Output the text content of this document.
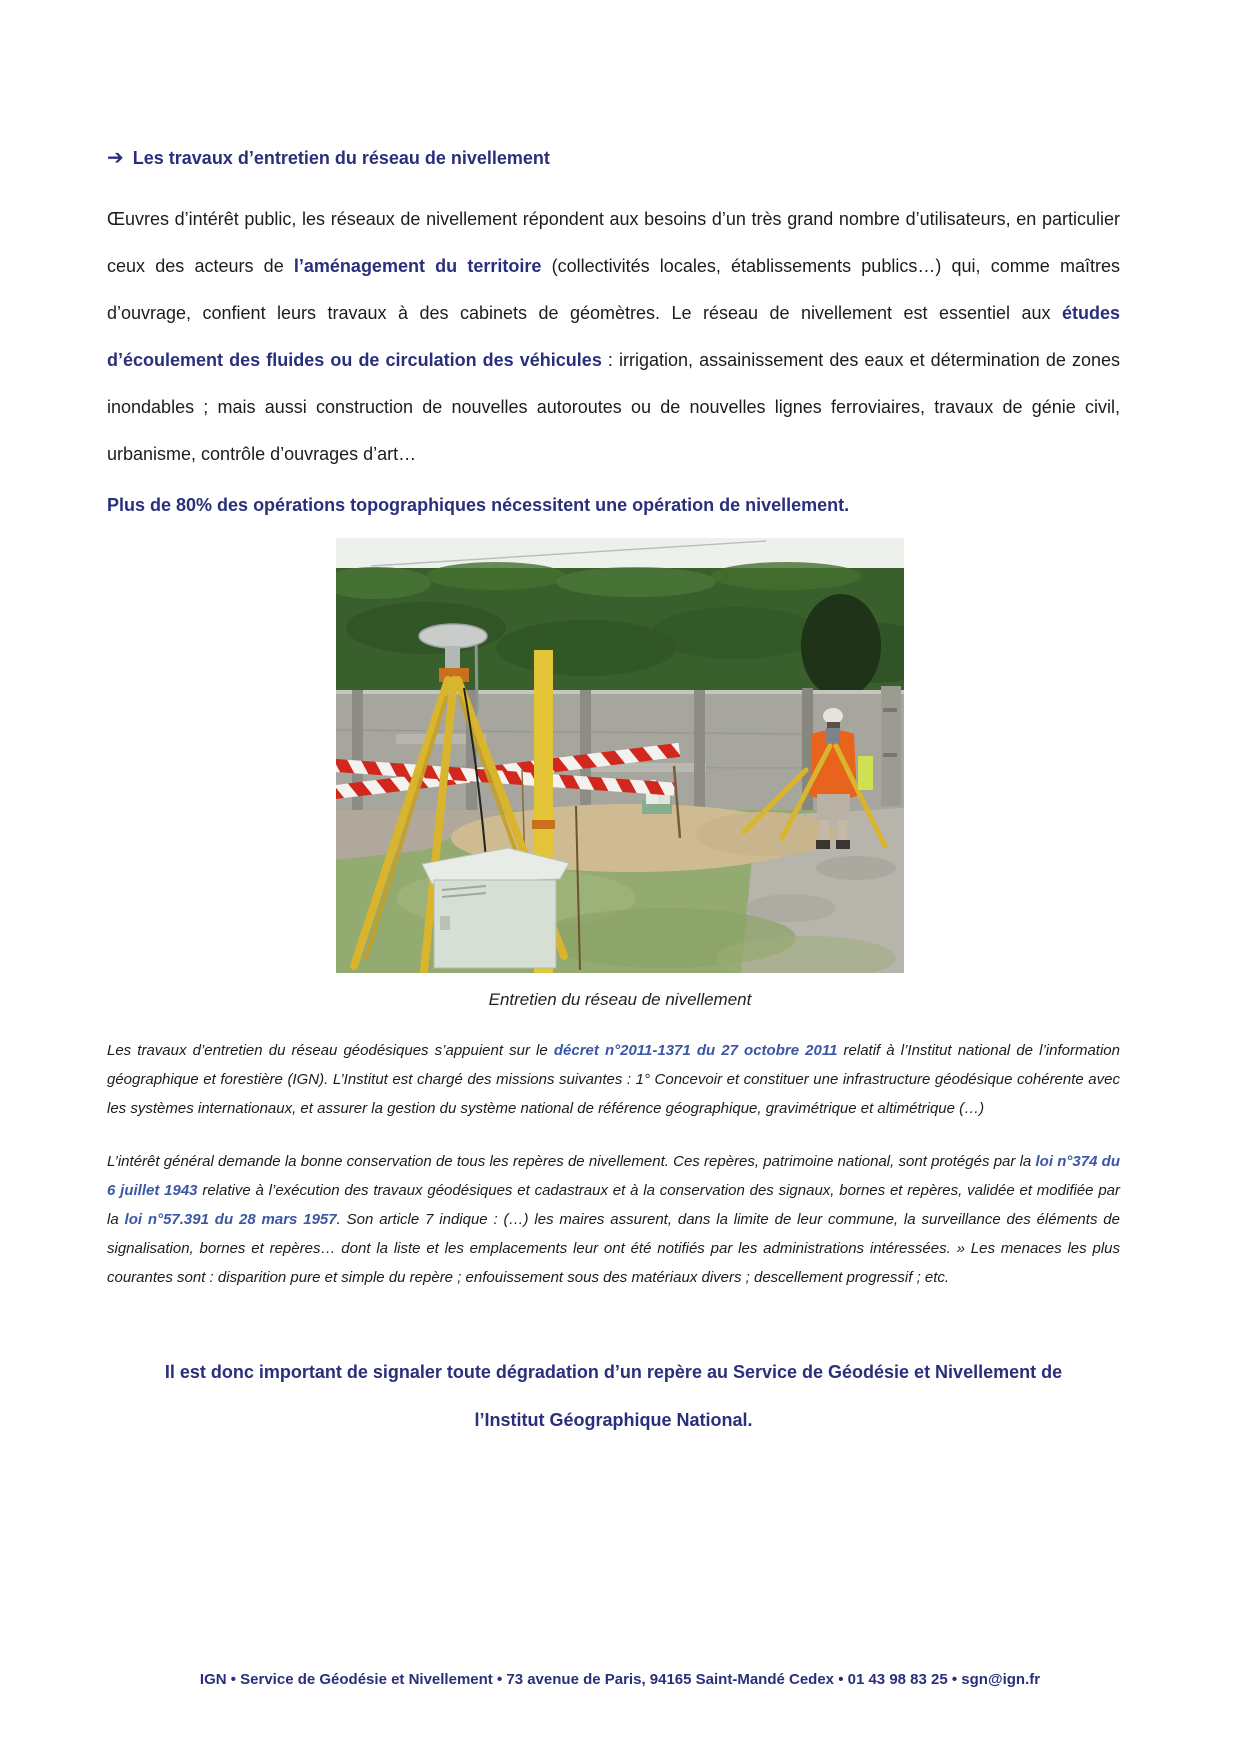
➔ Les travaux d’entretien du réseau de nivellement

Œuvres d’intérêt public, les réseaux de nivellement répondent aux besoins d’un très grand nombre d’utilisateurs, en particulier ceux des acteurs de l’aménagement du territoire (collectivités locales, établissements publics…) qui, comme maîtres d’ouvrage, confient leurs travaux à des cabinets de géomètres. Le réseau de nivellement est essentiel aux études d’écoulement des fluides ou de circulation des véhicules : irrigation, assainissement des eaux et détermination de zones inondables ; mais aussi construction de nouvelles autoroutes ou de nouvelles lignes ferroviaires, travaux de génie civil, urbanisme, contrôle d’ouvrages d’art…

Plus de 80% des opérations topographiques nécessitent une opération de nivellement.

Entretien du réseau de nivellement

Les travaux d’entretien du réseau géodésiques s’appuient sur le décret n°2011-1371 du 27 octobre 2011 relatif à l’Institut national de l’information géographique et forestière (IGN). L’Institut est chargé des missions suivantes : 1° Concevoir et constituer une infrastructure géodésique cohérente avec les systèmes internationaux, et assurer la gestion du système national de référence géographique, gravimétrique et altimétrique (…)

L’intérêt général demande la bonne conservation de tous les repères de nivellement. Ces repères, patrimoine national, sont protégés par la loi n°374 du 6 juillet 1943 relative à l’exécution des travaux géodésiques et cadastraux et à la conservation des signaux, bornes et repères, validée et modifiée par la loi n°57.391 du 28 mars 1957. Son article 7 indique : (…) les maires assurent, dans la limite de leur commune, la surveillance des éléments de signalisation, bornes et repères… dont la liste et les emplacements leur ont été notifiés par les administrations intéressées. » Les menaces les plus courantes sont : disparition pure et simple du repère ; enfouissement sous des matériaux divers ; descellement progressif ; etc.

Il est donc important de signaler toute dégradation d’un repère au Service de Géodésie et Nivellement de l’Institut Géographique National.

IGN • Service de Géodésie et Nivellement • 73 avenue de Paris, 94165 Saint-Mandé Cedex • 01 43 98 83 25 • sgn@ign.fr
